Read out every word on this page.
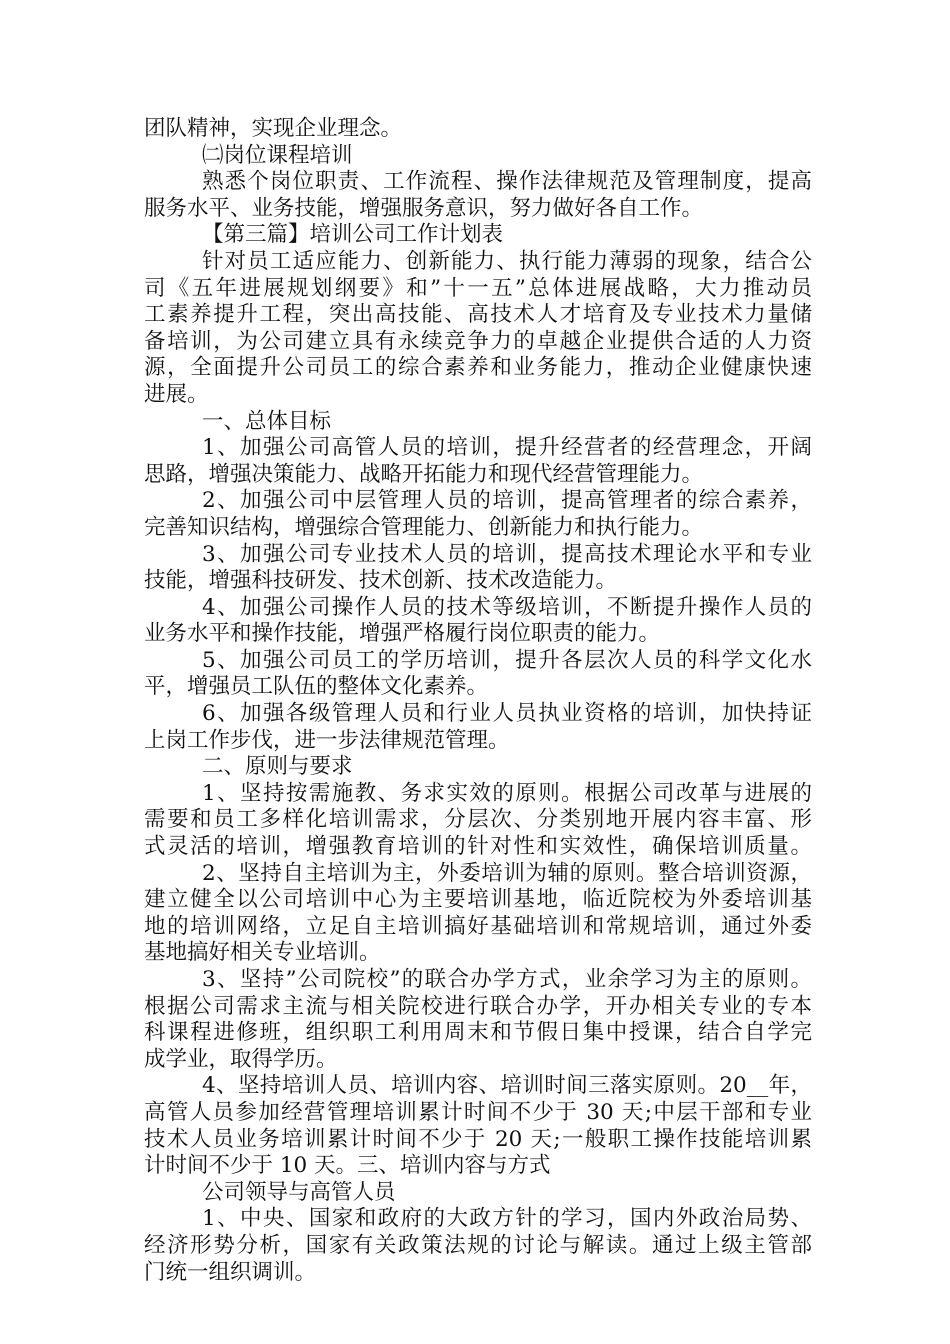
团队精神，实现企业理念。
㈡岗位课程培训
熟悉个岗位职责、工作流程、操作法律规范及管理制度，提高
服务水平、业务技能，增强服务意识，努力做好各自工作。
【第三篇】培训公司工作计划表
针对员工适应能力、创新能力、执行能力薄弱的现象，结合公
司《五年进展规划纲要》和”十一五”总体进展战略，大力推动员
工素养提升工程，突出高技能、高技术人才培育及专业技术力量储
备培训，为公司建立具有永续竞争力的卓越企业提供合适的人力资
源，全面提升公司员工的综合素养和业务能力，推动企业健康快速
进展。
一、总体目标
1、加强公司高管人员的培训，提升经营者的经营理念，开阔
思路，增强决策能力、战略开拓能力和现代经营管理能力。
2、加强公司中层管理人员的培训，提高管理者的综合素养，
完善知识结构，增强综合管理能力、创新能力和执行能力。
3、加强公司专业技术人员的培训，提高技术理论水平和专业
技能，增强科技研发、技术创新、技术改造能力。
4、加强公司操作人员的技术等级培训，不断提升操作人员的
业务水平和操作技能，增强严格履行岗位职责的能力。
5、加强公司员工的学历培训，提升各层次人员的科学文化水
平，增强员工队伍的整体文化素养。
6、加强各级管理人员和行业人员执业资格的培训，加快持证
上岗工作步伐，进一步法律规范管理。
二、原则与要求
1、坚持按需施教、务求实效的原则。根据公司改革与进展的
需要和员工多样化培训需求，分层次、分类别地开展内容丰富、形
式灵活的培训，增强教育培训的针对性和实效性，确保培训质量。
2、坚持自主培训为主，外委培训为辅的原则。整合培训资源，
建立健全以公司培训中心为主要培训基地，临近院校为外委培训基
地的培训网络，立足自主培训搞好基础培训和常规培训，通过外委
基地搞好相关专业培训。
3、坚持”公司院校”的联合办学方式，业余学习为主的原则。
根据公司需求主流与相关院校进行联合办学，开办相关专业的专本
科课程进修班，组织职工利用周末和节假日集中授课，结合自学完
成学业，取得学历。
4、坚持培训人员、培训内容、培训时间三落实原则。20__年，
高管人员参加经营管理培训累计时间不少于 30 天;中层干部和专业
技术人员业务培训累计时间不少于 20 天;一般职工操作技能培训累
计时间不少于 10 天。三、培训内容与方式
公司领导与高管人员
1、中央、国家和政府的大政方针的学习，国内外政治局势、
经济形势分析，国家有关政策法规的讨论与解读。通过上级主管部
门统一组织调训。
